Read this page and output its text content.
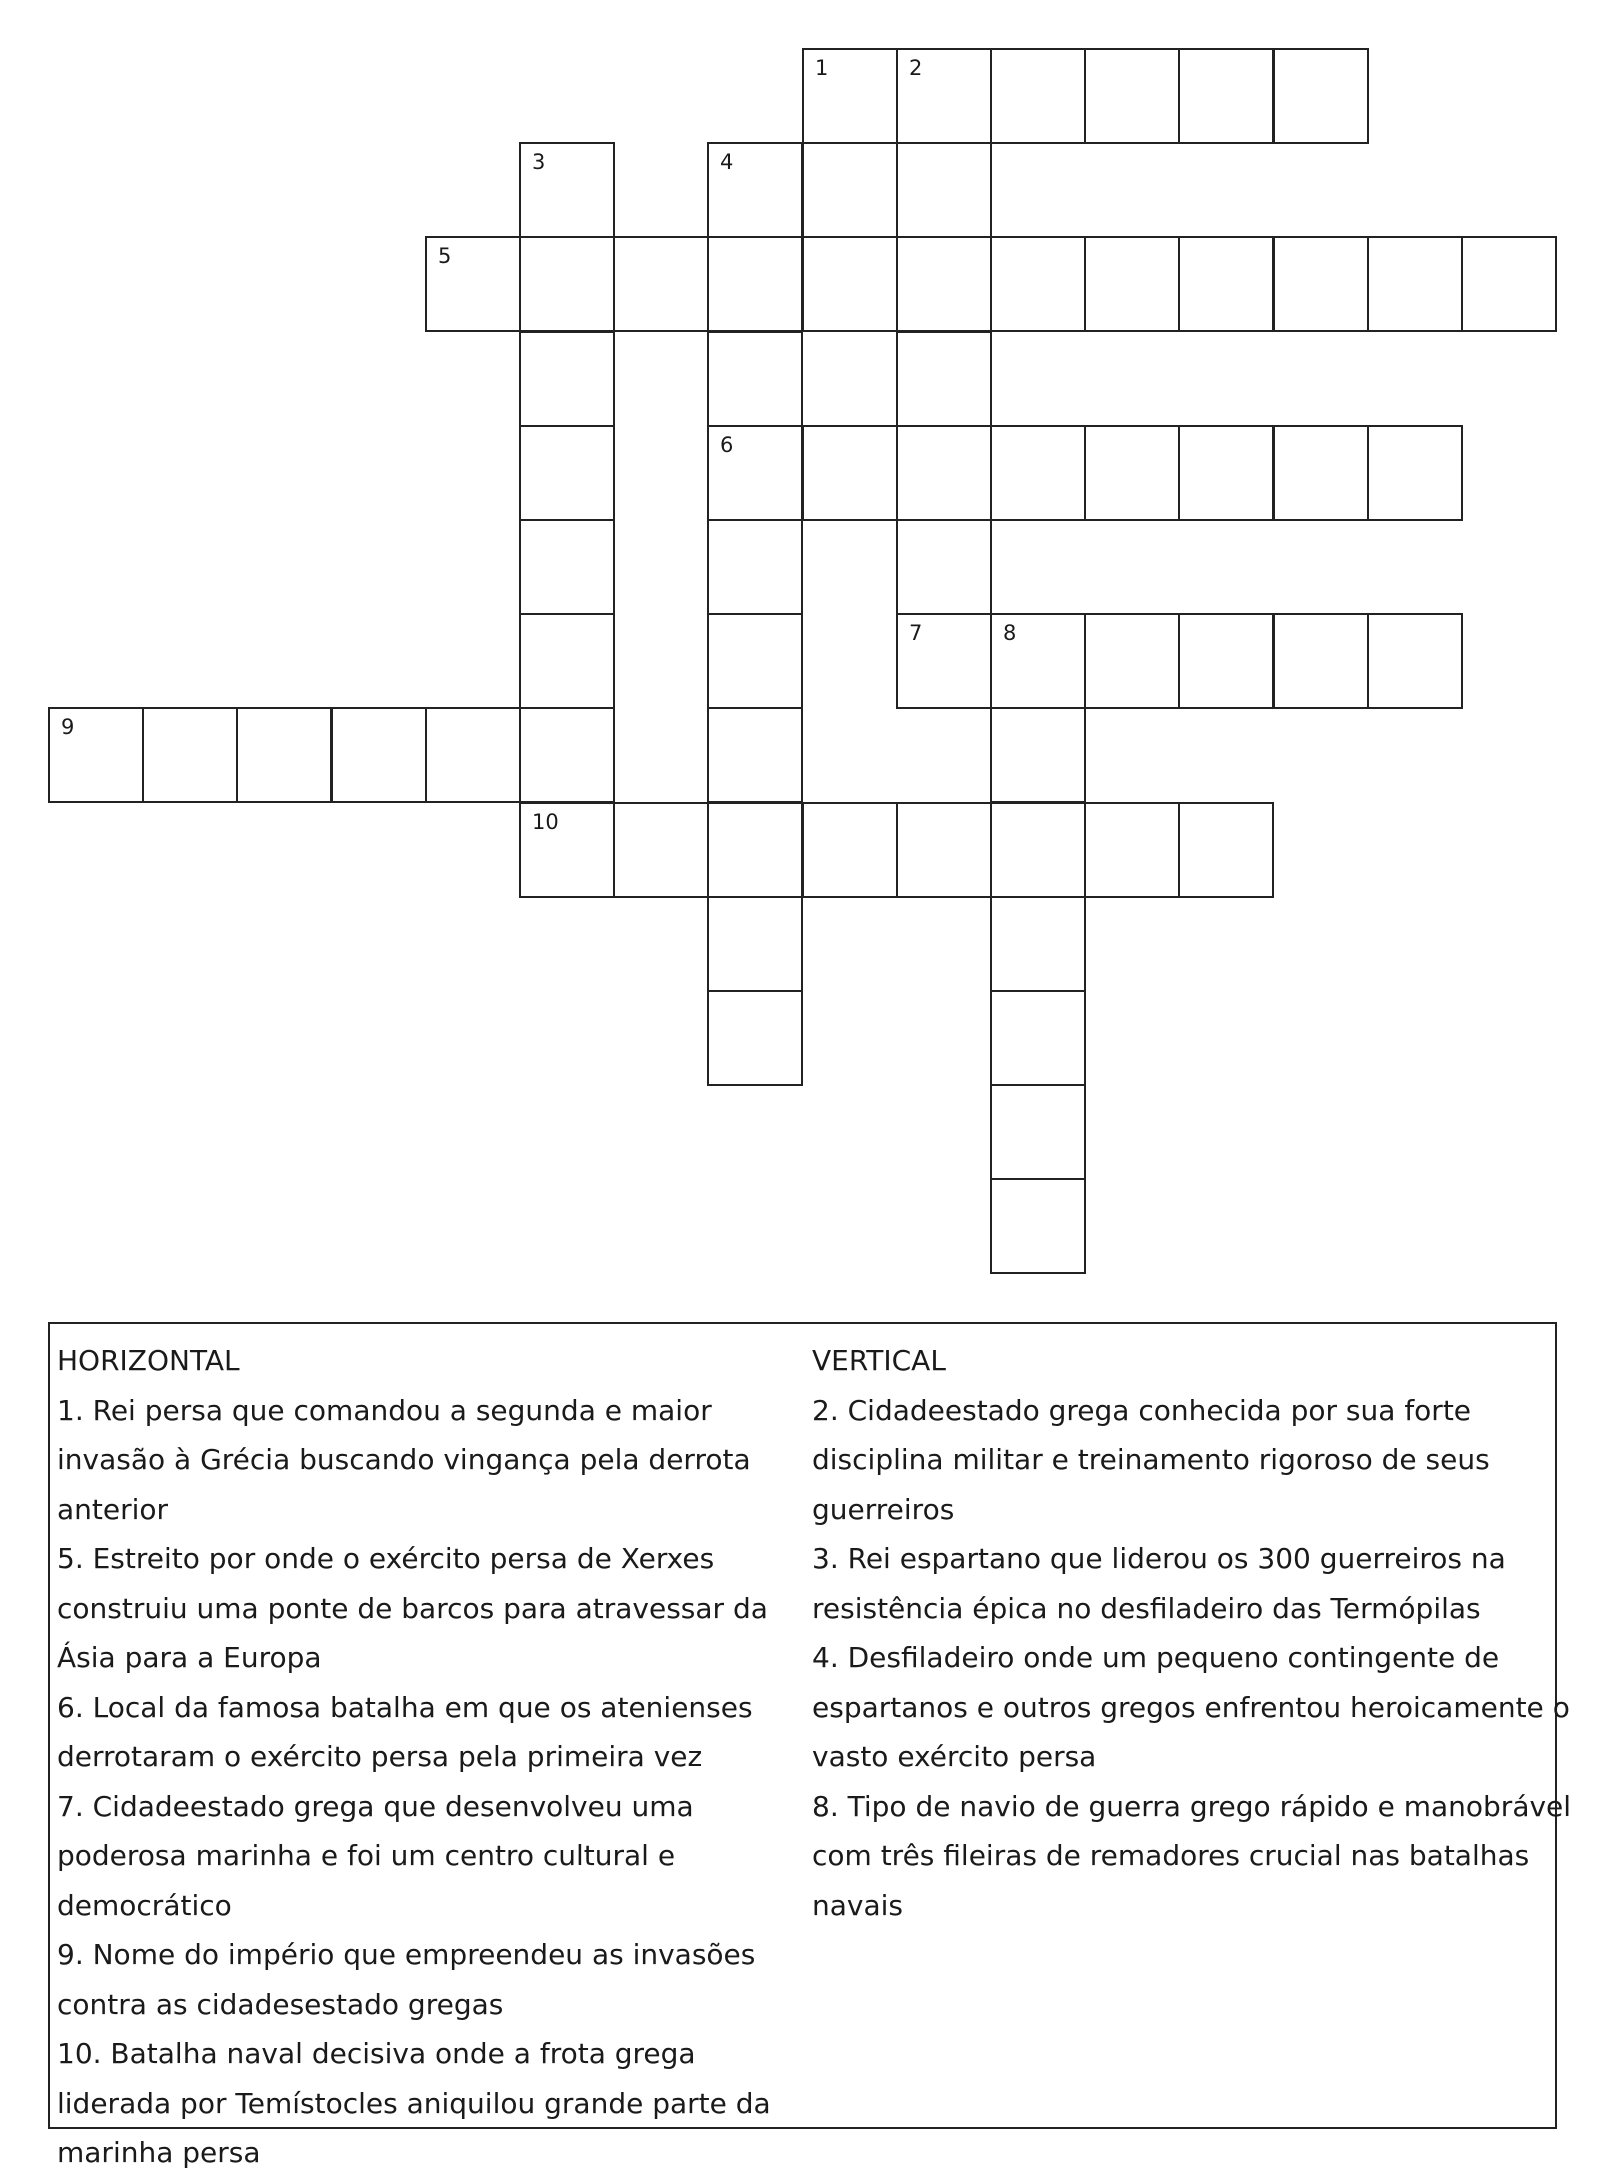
1	2
3	4
5
6
7	8
9
10

HORIZONTAL

1. Rei persa que comandou a segunda e maior invasão à Grécia buscando vingança pela derrota anterior

5. Estreito por onde o exército persa de Xerxes construiu uma ponte de barcos para atravessar da Ásia para a Europa

6. Local da famosa batalha em que os atenienses derrotaram o exército persa pela primeira vez

7. Cidadeestado grega que desenvolveu uma poderosa marinha e foi um centro cultural e democrático

9. Nome do império que empreendeu as invasões contra as cidadesestado gregas

10. Batalha naval decisiva onde a frota grega liderada por Temístocles aniquilou grande parte da marinha persa

VERTICAL

2. Cidadeestado grega conhecida por sua forte disciplina militar e treinamento rigoroso de seus guerreiros

3. Rei espartano que liderou os 300 guerreiros na resistência épica no desfiladeiro das Termópilas

4. Desfiladeiro onde um pequeno contingente de espartanos e outros gregos enfrentou heroicamente o vasto exército persa

8. Tipo de navio de guerra grego rápido e manobrável com três fileiras de remadores crucial nas batalhas navais
